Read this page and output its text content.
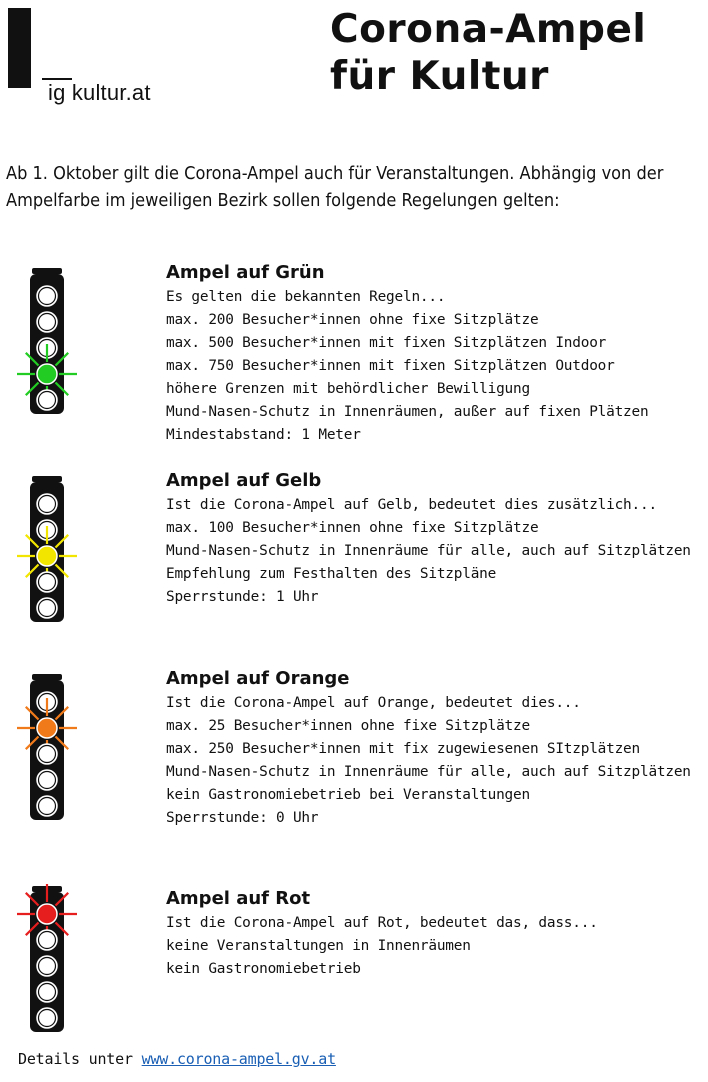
ig kultur.at
Corona-Ampel
für Kultur
Ab 1. Oktober gilt die Corona-Ampel auch für Veranstaltungen. Abhängig von der Ampelfarbe im jeweiligen Bezirk sollen folgende Regelungen gelten:
Ampel auf Grün
Es gelten die bekannten Regeln...
max. 200 Besucher*innen ohne fixe Sitzplätze
max. 500 Besucher*innen mit fixen Sitzplätzen Indoor
max. 750 Besucher*innen mit fixen Sitzplätzen Outdoor
höhere Grenzen mit behördlicher Bewilligung
Mund-Nasen-Schutz in Innenräumen, außer auf fixen Plätzen
Mindestabstand: 1 Meter
Ampel auf Gelb
Ist die Corona-Ampel auf Gelb, bedeutet dies zusätzlich...
max. 100 Besucher*innen ohne fixe Sitzplätze
Mund-Nasen-Schutz in Innenräume für alle, auch auf Sitzplätzen
Empfehlung zum Festhalten des Sitzpläne
Sperrstunde: 1 Uhr
Ampel auf Orange
Ist die Corona-Ampel auf Orange, bedeutet dies...
max. 25 Besucher*innen ohne fixe Sitzplätze
max. 250 Besucher*innen mit fix zugewiesenen SItzplätzen
Mund-Nasen-Schutz in Innenräume für alle, auch auf Sitzplätzen
kein Gastronomiebetrieb bei Veranstaltungen
Sperrstunde: 0 Uhr
Ampel auf Rot
Ist die Corona-Ampel auf Rot, bedeutet das, dass...
keine Veranstaltungen in Innenräumen
kein Gastronomiebetrieb
Details unter www.corona-ampel.gv.at
